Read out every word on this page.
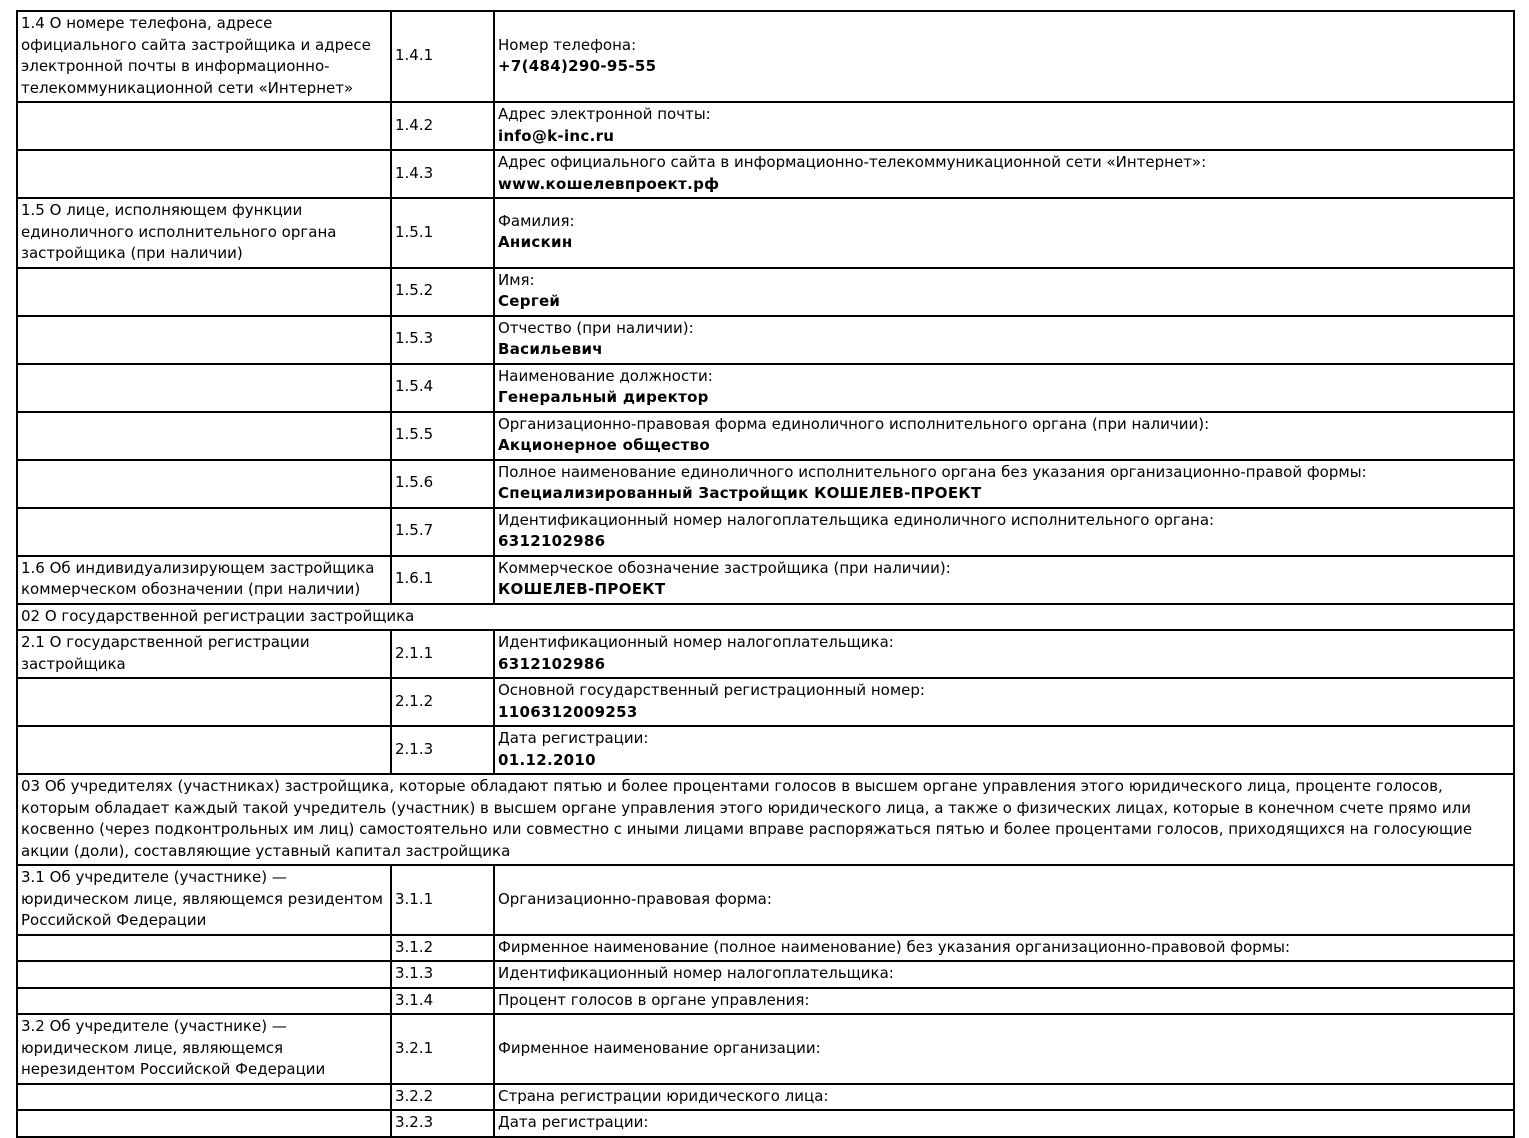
1.4 О номере телефона, адресе официального сайта застройщика и адресе электронной почты в информационно-телекоммуникационной сети «Интернет»	1.4.1	Номер телефона:
+7(484)290-95-55

	1.4.2	Адрес электронной почты:
info@k-inc.ru

	1.4.3	Адрес официального сайта в информационно-телекоммуникационной сети «Интернет»:
www.кошелевпроект.рф

1.5 О лице, исполняющем функции единоличного исполнительного органа застройщика (при наличии)	1.5.1	Фамилия:
Анискин

	1.5.2	Имя:
Сергей

	1.5.3	Отчество (при наличии):
Васильевич

	1.5.4	Наименование должности:
Генеральный директор

	1.5.5	Организационно-правовая форма единоличного исполнительного органа (при наличии):
Акционерное общество

	1.5.6	Полное наименование единоличного исполнительного органа без указания организационно-правой формы:
Специализированный Застройщик КОШЕЛЕВ-ПРОЕКТ

	1.5.7	Идентификационный номер налогоплательщика единоличного исполнительного органа:
6312102986

1.6 Об индивидуализирующем застройщика коммерческом обозначении (при наличии)	1.6.1	Коммерческое обозначение застройщика (при наличии):
КОШЕЛЕВ-ПРОЕКТ

02 О государственной регистрации застройщика		
2.1 О государственной регистрации застройщика	2.1.1	Идентификационный номер налогоплательщика:
6312102986

	2.1.2	Основной государственный регистрационный номер:
1106312009253

	2.1.3	Дата регистрации:
01.12.2010

03 Об учредителях (участниках) застройщика, которые обладают пятью и более процентами голосов в высшем органе управления этого юридического лица, проценте голосов, которым обладает каждый такой учредитель (участник) в высшем органе управления этого юридического лица, а также о физических лицах, которые в конечном счете прямо или косвенно (через подконтрольных им лиц) самостоятельно или совместно с иными лицами вправе распоряжаться пятью и более процентами голосов, приходящихся на голосующие акции (доли), составляющие уставный капитал застройщика		
3.1 Об учредителе (участнике) — юридическом лице, являющемся резидентом Российской Федерации	3.1.1	Организационно-правовая форма:

	3.1.2	Фирменное наименование (полное наименование) без указания организационно-правовой формы:

	3.1.3	Идентификационный номер налогоплательщика:

	3.1.4	Процент голосов в органе управления:

3.2 Об учредителе (участнике) — юридическом лице, являющемся нерезидентом Российской Федерации	3.2.1	Фирменное наименование организации:

	3.2.2	Страна регистрации юридического лица:

	3.2.3	Дата регистрации:
